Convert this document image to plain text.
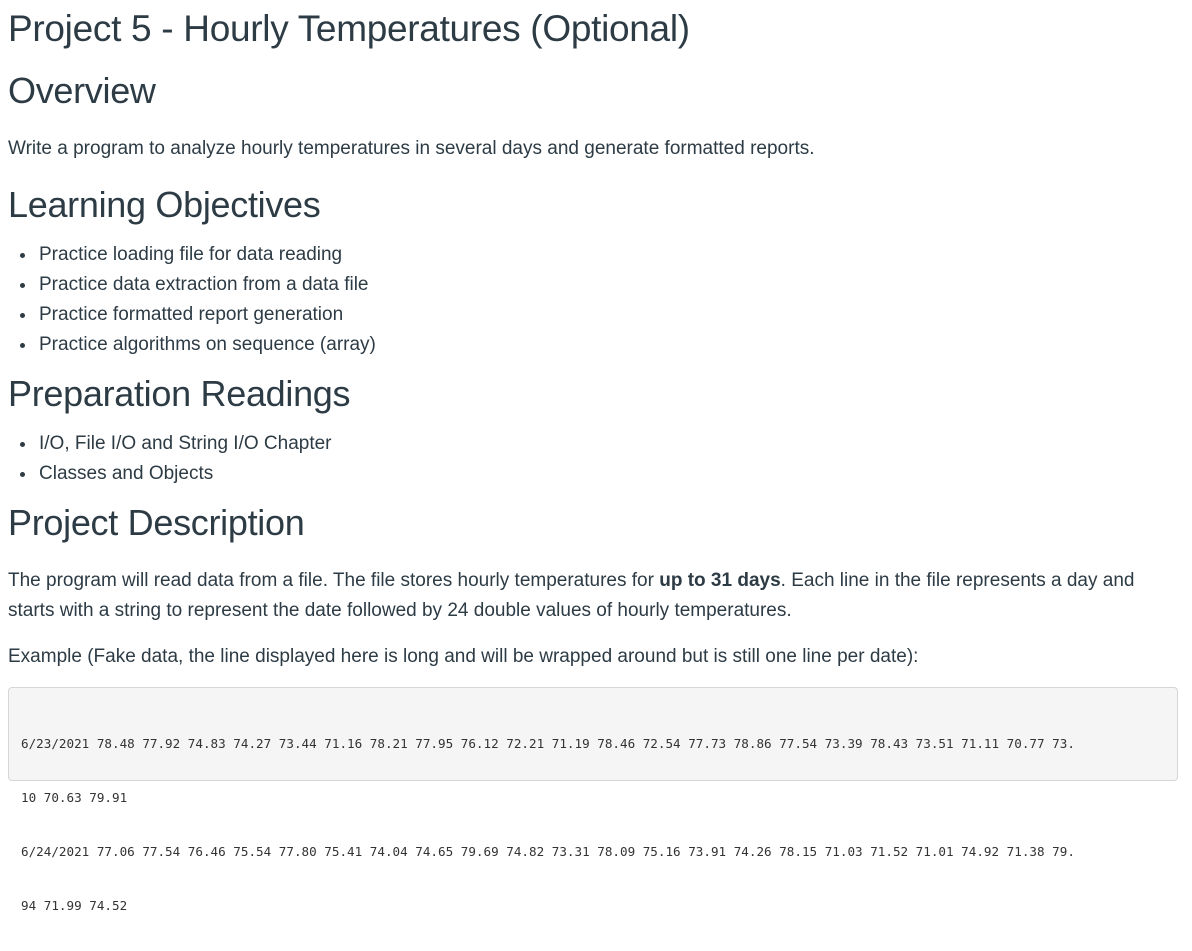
Project 5 - Hourly Temperatures (Optional)
Overview

Write a program to analyze hourly temperatures in several days and generate formatted reports.

Learning Objectives
Practice loading file for data reading
Practice data extraction from a data file
Practice formatted report generation
Practice algorithms on sequence (array)
Preparation Readings
I/O, File I/O and String I/O Chapter
Classes and Objects
Project Description

The program will read data from a file. The file stores hourly temperatures for up to 31 days. Each line in the file represents a day and starts with a string to represent the date followed by 24 double values of hourly temperatures.

Example (Fake data, the line displayed here is long and will be wrapped around but is still one line per date):

6/23/2021 78.48 77.92 74.83 74.27 73.44 71.16 78.21 77.95 76.12 72.21 71.19 78.46 72.54 77.73 78.86 77.54 73.39 78.43 73.51 71.11 70.77 73.

10 70.63 79.91

6/24/2021 77.06 77.54 76.46 75.54 77.80 75.41 74.04 74.65 79.69 74.82 73.31 78.09 75.16 73.91 74.26 78.15 71.03 71.52 71.01 74.92 71.38 79.

94 71.99 74.52
